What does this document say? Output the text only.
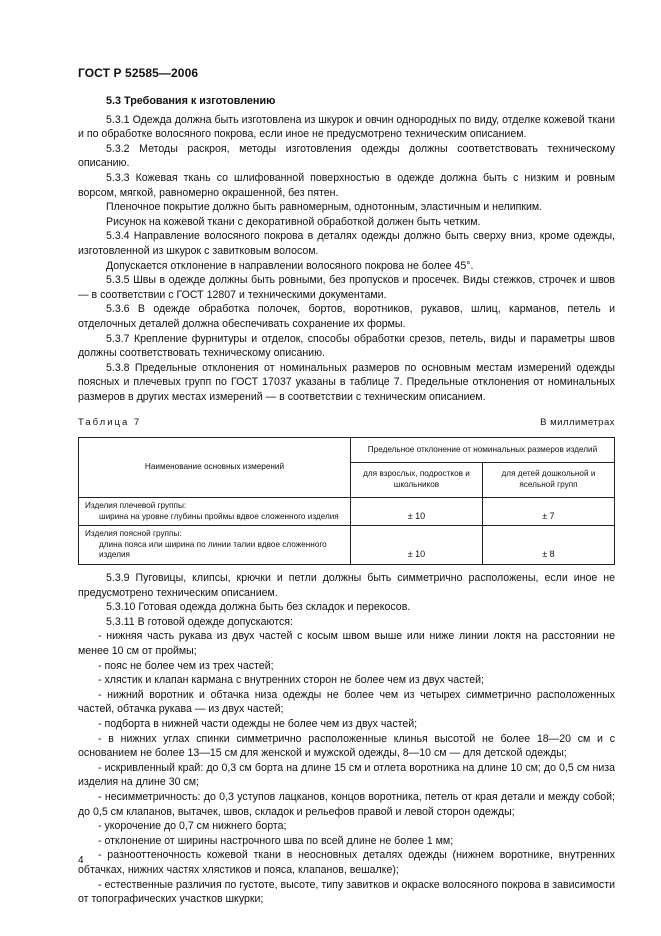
ГОСТ Р 52585—2006
5.3 Требования к изготовлению

5.3.1 Одежда должна быть изготовлена из шкурок и овчин однородных по виду, отделке кожевой ткани и по обработке волосяного покрова, если иное не предусмотрено техническим описанием.

5.3.2 Методы раскроя, методы изготовления одежды должны соответствовать техническому описанию.

5.3.3 Кожевая ткань со шлифованной поверхностью в одежде должна быть с низким и ровным ворсом, мягкой, равномерно окрашенной, без пятен.

Пленочное покрытие должно быть равномерным, однотонным, эластичным и нелипким.

Рисунок на кожевой ткани с декоративной обработкой должен быть четким.

5.3.4 Направление волосяного покрова в деталях одежды должно быть сверху вниз, кроме одежды, изготовленной из шкурок с завитковым волосом.

Допускается отклонение в направлении волосяного покрова не более 45°.

5.3.5 Швы в одежде должны быть ровными, без пропусков и просечек. Виды стежков, строчек и швов — в соответствии с ГОСТ 12807 и техническими документами.

5.3.6 В одежде обработка полочек, бортов, воротников, рукавов, шлиц, карманов, петель и отделочных деталей должна обеспечивать сохранение их формы.

5.3.7 Крепление фурнитуры и отделок, способы обработки срезов, петель, виды и параметры швов должны соответствовать техническому описанию.

5.3.8 Предельные отклонения от номинальных размеров по основным местам измерений одежды поясных и плечевых групп по ГОСТ 17037 указаны в таблице 7. Предельные отклонения от номинальных размеров в других местах измерений — в соответствии с техническим описанием.

Таблица 7	В миллиметрах
Наименование основных измерений	Предельное отклонение от номинальных размеров изделий	
	для взрослых, подростков и школьников	для детей дошкольной и ясельной групп

Изделия плечевой группы:
ширина на уровне глубины проймы вдвое сложенного изделия	± 10	± 7

Изделия поясной группы:
длина пояса или ширина по линии талии вдвое сложенного изделия	± 10	± 8

5.3.9 Пуговицы, клипсы, крючки и петли должны быть симметрично расположены, если иное не предусмотрено техническим описанием.

5.3.10 Готовая одежда должна быть без складок и перекосов.

5.3.11 В готовой одежде допускаются:

- нижняя часть рукава из двух частей с косым швом выше или ниже линии локтя на расстоянии не менее 10 см от проймы;

- пояс не более чем из трех частей;

- хлястик и клапан кармана с внутренних сторон не более чем из двух частей;

- нижний воротник и обтачка низа одежды не более чем из четырех симметрично расположенных частей, обтачка рукава — из двух частей;

- подборта в нижней части одежды не более чем из двух частей;

- в нижних углах спинки симметрично расположенные клинья высотой не более 18—20 см и с основанием не более 13—15 см для женской и мужской одежды, 8—10 см — для детской одежды;

- искривленный край: до 0,3 см борта на длине 15 см и отлета воротника на длине 10 см; до 0,5 см низа изделия на длине 30 см;

- несимметричность: до 0,3 уступов лацканов, концов воротника, петель от края детали и между собой; до 0,5 см клапанов, вытачек, швов, складок и рельефов правой и левой сторон одежды;

- укорочение до 0,7 см нижнего борта;

- отклонение от ширины настрочного шва по всей длине не более 1 мм;

- разнооттеночность кожевой ткани в неосновных деталях одежды (нижнем воротнике, внутренних обтачках, нижних частях хлястиков и пояса, клапанов, вешалке);

- естественные различия по густоте, высоте, типу завитков и окраске волосяного покрова в зависимости от топографических участков шкурки;

4
